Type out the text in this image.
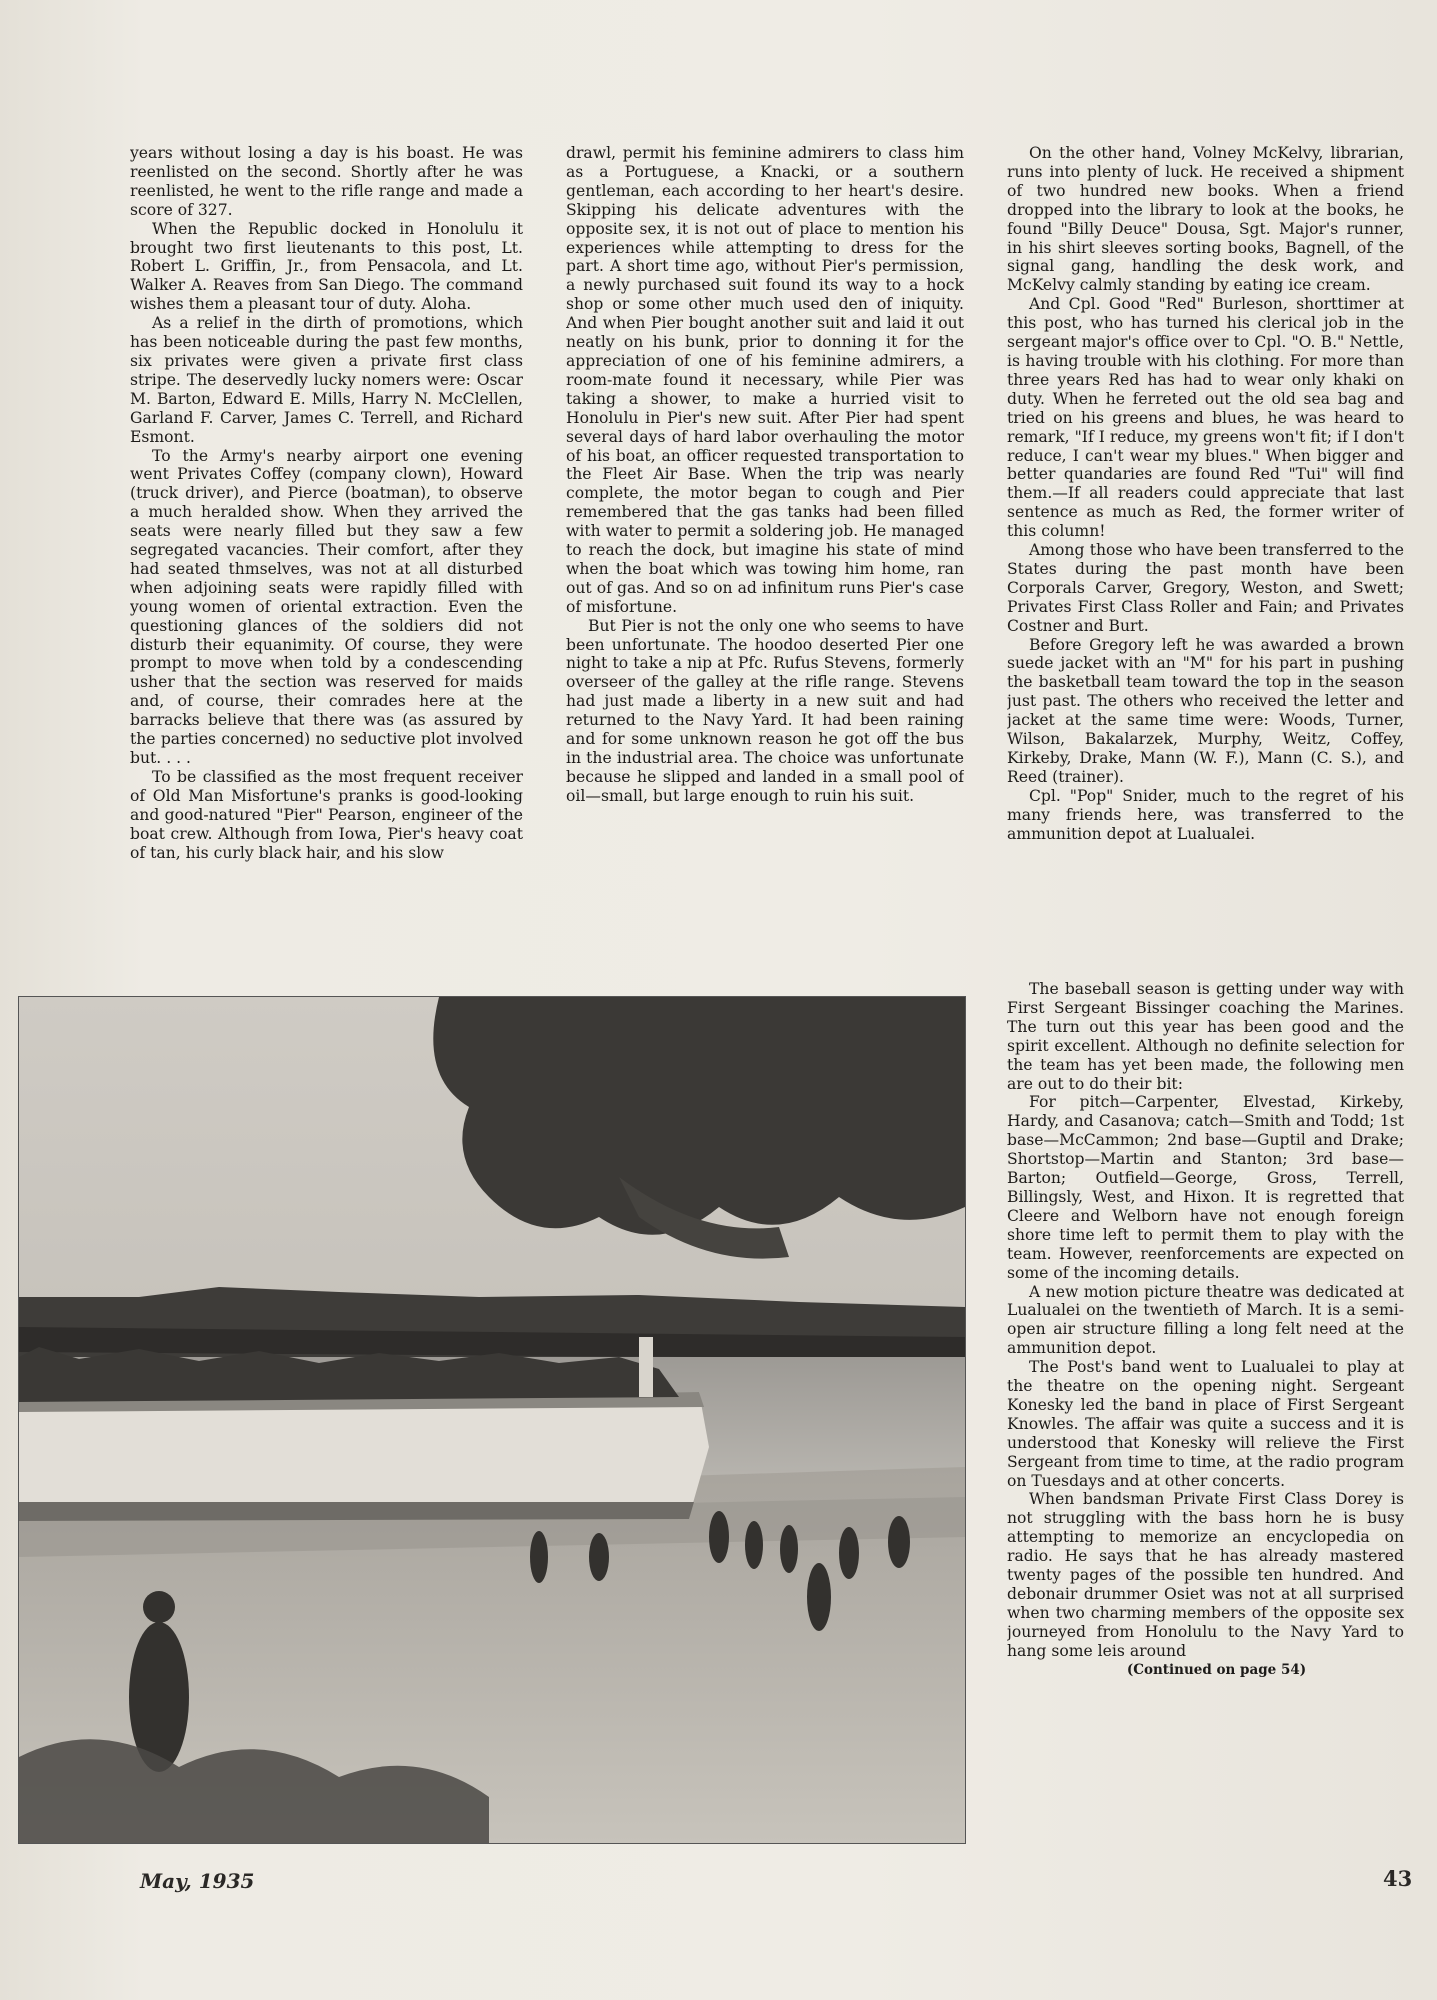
years without losing a day is his boast. He was reenlisted on the second. Shortly after he was reenlisted, he went to the rifle range and made a score of 327.

When the Republic docked in Honolulu it brought two first lieutenants to this post, Lt. Robert L. Griffin, Jr., from Pensacola, and Lt. Walker A. Reaves from San Diego. The command wishes them a pleasant tour of duty. Aloha.

As a relief in the dirth of promotions, which has been noticeable during the past few months, six privates were given a private first class stripe. The deservedly lucky nomers were: Oscar M. Barton, Edward E. Mills, Harry N. McClellen, Garland F. Carver, James C. Terrell, and Richard Esmont.

To the Army's nearby airport one evening went Privates Coffey (company clown), Howard (truck driver), and Pierce (boatman), to observe a much heralded show. When they arrived the seats were nearly filled but they saw a few segregated vacancies. Their comfort, after they had seated thmselves, was not at all disturbed when adjoining seats were rapidly filled with young women of oriental extraction. Even the questioning glances of the soldiers did not disturb their equanimity. Of course, they were prompt to move when told by a condescending usher that the section was reserved for maids and, of course, their comrades here at the barracks believe that there was (as assured by the parties concerned) no seductive plot involved but. . . .

To be classified as the most frequent receiver of Old Man Misfortune's pranks is good-looking and good-natured "Pier" Pearson, engineer of the boat crew. Although from Iowa, Pier's heavy coat of tan, his curly black hair, and his slow

drawl, permit his feminine admirers to class him as a Portuguese, a Knacki, or a southern gentleman, each according to her heart's desire. Skipping his delicate adventures with the opposite sex, it is not out of place to mention his experiences while attempting to dress for the part. A short time ago, without Pier's permission, a newly purchased suit found its way to a hock shop or some other much used den of iniquity. And when Pier bought another suit and laid it out neatly on his bunk, prior to donning it for the appreciation of one of his feminine admirers, a room-mate found it necessary, while Pier was taking a shower, to make a hurried visit to Honolulu in Pier's new suit. After Pier had spent several days of hard labor overhauling the motor of his boat, an officer requested transportation to the Fleet Air Base. When the trip was nearly complete, the motor began to cough and Pier remembered that the gas tanks had been filled with water to permit a soldering job. He managed to reach the dock, but imagine his state of mind when the boat which was towing him home, ran out of gas. And so on ad infinitum runs Pier's case of misfortune.

But Pier is not the only one who seems to have been unfortunate. The hoodoo deserted Pier one night to take a nip at Pfc. Rufus Stevens, formerly overseer of the galley at the rifle range. Stevens had just made a liberty in a new suit and had returned to the Navy Yard. It had been raining and for some unknown reason he got off the bus in the industrial area. The choice was unfortunate because he slipped and landed in a small pool of oil—small, but large enough to ruin his suit.

On the other hand, Volney McKelvy, librarian, runs into plenty of luck. He received a shipment of two hundred new books. When a friend dropped into the library to look at the books, he found "Billy Deuce" Dousa, Sgt. Major's runner, in his shirt sleeves sorting books, Bagnell, of the signal gang, handling the desk work, and McKelvy calmly standing by eating ice cream.

And Cpl. Good "Red" Burleson, shorttimer at this post, who has turned his clerical job in the sergeant major's office over to Cpl. "O. B." Nettle, is having trouble with his clothing. For more than three years Red has had to wear only khaki on duty. When he ferreted out the old sea bag and tried on his greens and blues, he was heard to remark, "If I reduce, my greens won't fit; if I don't reduce, I can't wear my blues." When bigger and better quandaries are found Red "Tui" will find them.—If all readers could appreciate that last sentence as much as Red, the former writer of this column!

Among those who have been transferred to the States during the past month have been Corporals Carver, Gregory, Weston, and Swett; Privates First Class Roller and Fain; and Privates Costner and Burt.

Before Gregory left he was awarded a brown suede jacket with an "M" for his part in pushing the basketball team toward the top in the season just past. The others who received the letter and jacket at the same time were: Woods, Turner, Wilson, Bakalarzek, Murphy, Weitz, Coffey, Kirkeby, Drake, Mann (W. F.), Mann (C. S.), and Reed (trainer).

Cpl. "Pop" Snider, much to the regret of his many friends here, was transferred to the ammunition depot at Lualualei.

The baseball season is getting under way with First Sergeant Bissinger coaching the Marines. The turn out this year has been good and the spirit excellent. Although no definite selection for the team has yet been made, the following men are out to do their bit:

For pitch—Carpenter, Elvestad, Kirkeby, Hardy, and Casanova; catch—Smith and Todd; 1st base—McCammon; 2nd base—Guptil and Drake; Shortstop—Martin and Stanton; 3rd base—Barton; Outfield—George, Gross, Terrell, Billingsly, West, and Hixon. It is regretted that Cleere and Welborn have not enough foreign shore time left to permit them to play with the team. However, reenforcements are expected on some of the incoming details.

A new motion picture theatre was dedicated at Lualualei on the twentieth of March. It is a semi-open air structure filling a long felt need at the ammunition depot.

The Post's band went to Lualualei to play at the theatre on the opening night. Sergeant Konesky led the band in place of First Sergeant Knowles. The affair was quite a success and it is understood that Konesky will relieve the First Sergeant from time to time, at the radio program on Tuesdays and at other concerts.

When bandsman Private First Class Dorey is not struggling with the bass horn he is busy attempting to memorize an encyclopedia on radio. He says that he has already mastered twenty pages of the possible ten hundred. And debonair drummer Osiet was not at all surprised when two charming members of the opposite sex journeyed from Honolulu to the Navy Yard to hang some leis around

(Continued on page 54)

May, 1935	43
